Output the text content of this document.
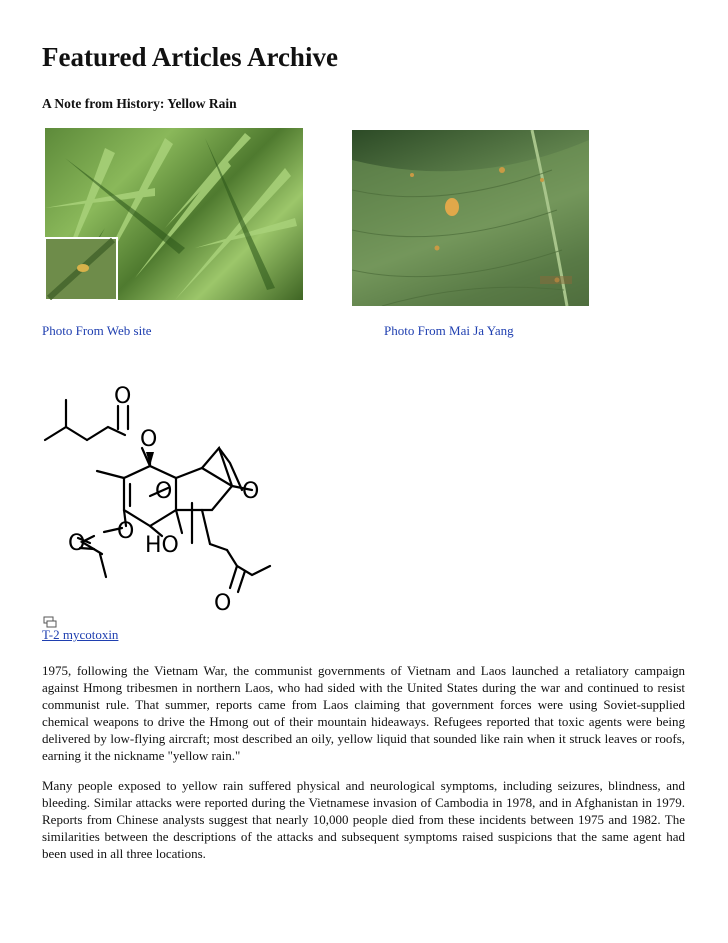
Featured Articles Archive
A Note from History: Yellow Rain
Photo From Web site	Photo From Mai Ja Yang
O
O
O	O
HO
O
O
O
T-2 mycotoxin

1975, following the Vietnam War, the communist governments of Vietnam and Laos launched a retaliatory campaign against Hmong tribesmen in northern Laos, who had sided with the United States during the war and continued to resist communist rule. That summer, reports came from Laos claiming that government forces were using Soviet-supplied chemical weapons to drive the Hmong out of their mountain hideaways. Refugees reported that toxic agents were being delivered by low-flying aircraft; most described an oily, yellow liquid that sounded like rain when it struck leaves or roofs, earning it the nickname "yellow rain."

Many people exposed to yellow rain suffered physical and neurological symptoms, including seizures, blindness, and bleeding. Similar attacks were reported during the Vietnamese invasion of Cambodia in 1978, and in Afghanistan in 1979. Reports from Chinese analysts suggest that nearly 10,000 people died from these incidents between 1975 and 1982. The similarities between the descriptions of the attacks and subsequent symptoms raised suspicions that the same agent had been used in all three locations.
